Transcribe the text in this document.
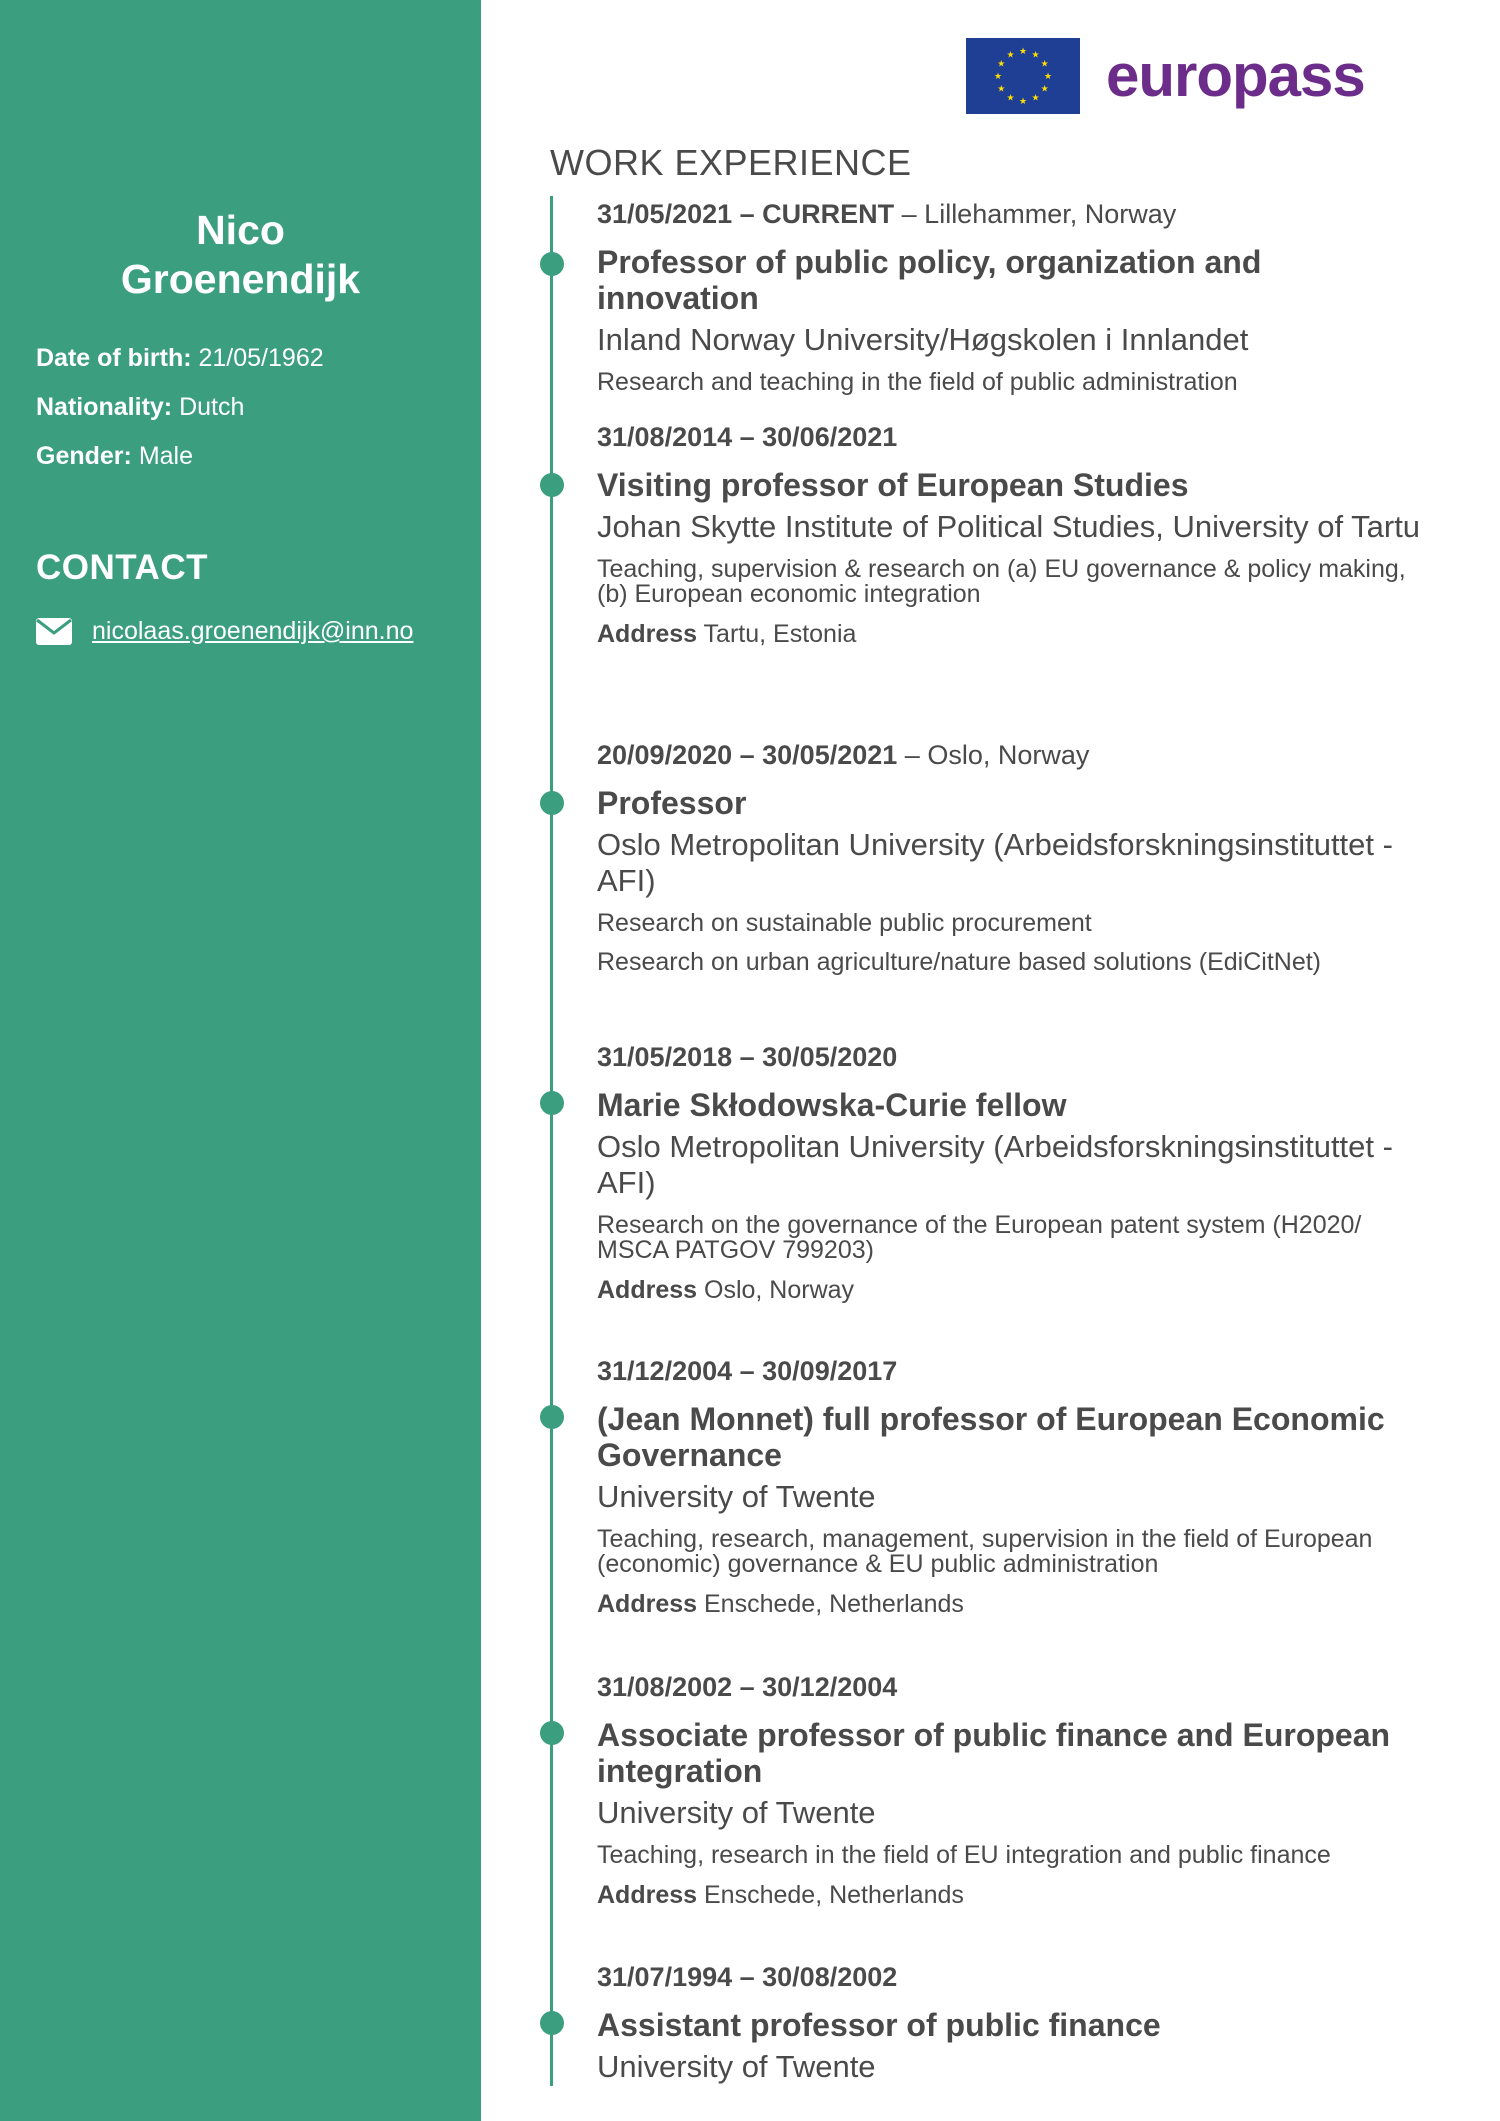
Nico
Groenendijk
Date of birth: 21/05/1962
Nationality: Dutch
Gender: Male
CONTACT
nicolaas.groenendijk@inn.no
★ ★
★
★
★
★
★
★
★
★
★
★ europass
WORK EXPERIENCE
31/05/2021 – CURRENT – Lillehammer, Norway
Professor of public policy, organization and innovation
Inland Norway University/Høgskolen i Innlandet
Research and teaching in the field of public administration
31/08/2014 – 30/06/2021
Visiting professor of European Studies
Johan Skytte Institute of Political Studies, University of Tartu
Teaching, supervision & research on (a) EU governance & policy making, (b) European economic integration
Address Tartu, Estonia
20/09/2020 – 30/05/2021 – Oslo, Norway
Professor
Oslo Metropolitan University (Arbeidsforskningsinstituttet - AFI)
Research on sustainable public procurement
Research on urban agriculture/nature based solutions (EdiCitNet)
31/05/2018 – 30/05/2020
Marie Skłodowska-Curie fellow
Oslo Metropolitan University (Arbeidsforskningsinstituttet - AFI)
Research on the governance of the European patent system (H2020/ MSCA PATGOV 799203)
Address Oslo, Norway
31/12/2004 – 30/09/2017
(Jean Monnet) full professor of European Economic Governance
University of Twente
Teaching, research, management, supervision in the field of European (economic) governance & EU public administration
Address Enschede, Netherlands
31/08/2002 – 30/12/2004
Associate professor of public finance and European integration
University of Twente
Teaching, research in the field of EU integration and public finance
Address Enschede, Netherlands
31/07/1994 – 30/08/2002
Assistant professor of public finance
University of Twente
